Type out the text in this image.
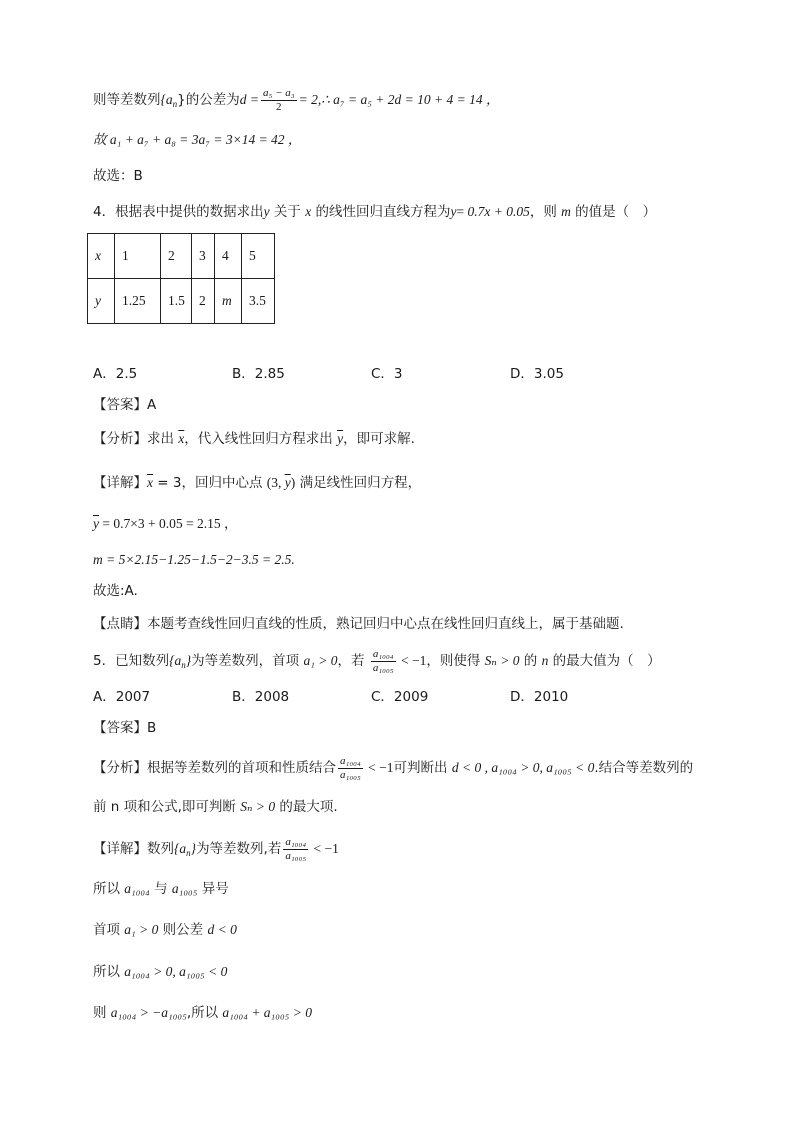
则等差数列$\{a_n\}$的公差为$d = \frac{\text{a₅ − a₃}}{2}$ = 2,∴ a₇ = a₅ + 2d = 10 + 4 = 14 ，
故 a₁ + a₇ + a₈ = 3a₇ = 3×14 = 42 ，
故选：B
4．根据表中提供的数据求出y 关于 x 的线性回归直线方程为y= 0.7x + 0.05，则 m 的值是（　）
x	1	2	3	4	5
y	1.25	1.5	2	m	3.5
A．2.5	B．2.85	C．3	D．3.05
【答案】A
【分析】求出 $\overline{x}$，代入线性回归方程求出 $\overline{y}$，即可求解.
【详解】$\overline{x} = 3$，回归中心点 (3, $\overline{y}$) 满足线性回归方程，
$\overline{y} = 0.7\times 3 + 0.05 = 2.15$ ，
m = 5×2.15−1.25−1.5−2−3.5 = 2.5.
故选:A.
【点睛】本题考查线性回归直线的性质，熟记回归中心点在线性回归直线上，属于基础题.
5．已知数列$\{a_n\}$为等差数列，首项 a₁ > 0，若 $\frac{\text{a₁₀₀₄}}{\text{a₁₀₀₅}} < -1$，则使得 Sₙ > 0 的 n 的最大值为（　）
A．2007	B．2008	C．2009	D．2010
【答案】B
【分析】根据等差数列的首项和性质结合 $\frac{\text{a₁₀₀₄}}{\text{a₁₀₀₅}} < -1$可判断出 d < 0 , a₁₀₀₄ > 0, a₁₀₀₅ < 0.结合等差数列的
前 n 项和公式,即可判断 Sₙ > 0 的最大项.
【详解】数列$\{a_n\}$为等差数列,若 $\frac{\text{a₁₀₀₄}}{\text{a₁₀₀₅}} < -1$
所以 a₁₀₀₄ 与 a₁₀₀₅ 异号
首项 a₁ > 0 则公差 d < 0
所以 a₁₀₀₄ > 0, a₁₀₀₅ < 0
则 a₁₀₀₄ > −a₁₀₀₅,所以 a₁₀₀₄ + a₁₀₀₅ > 0
